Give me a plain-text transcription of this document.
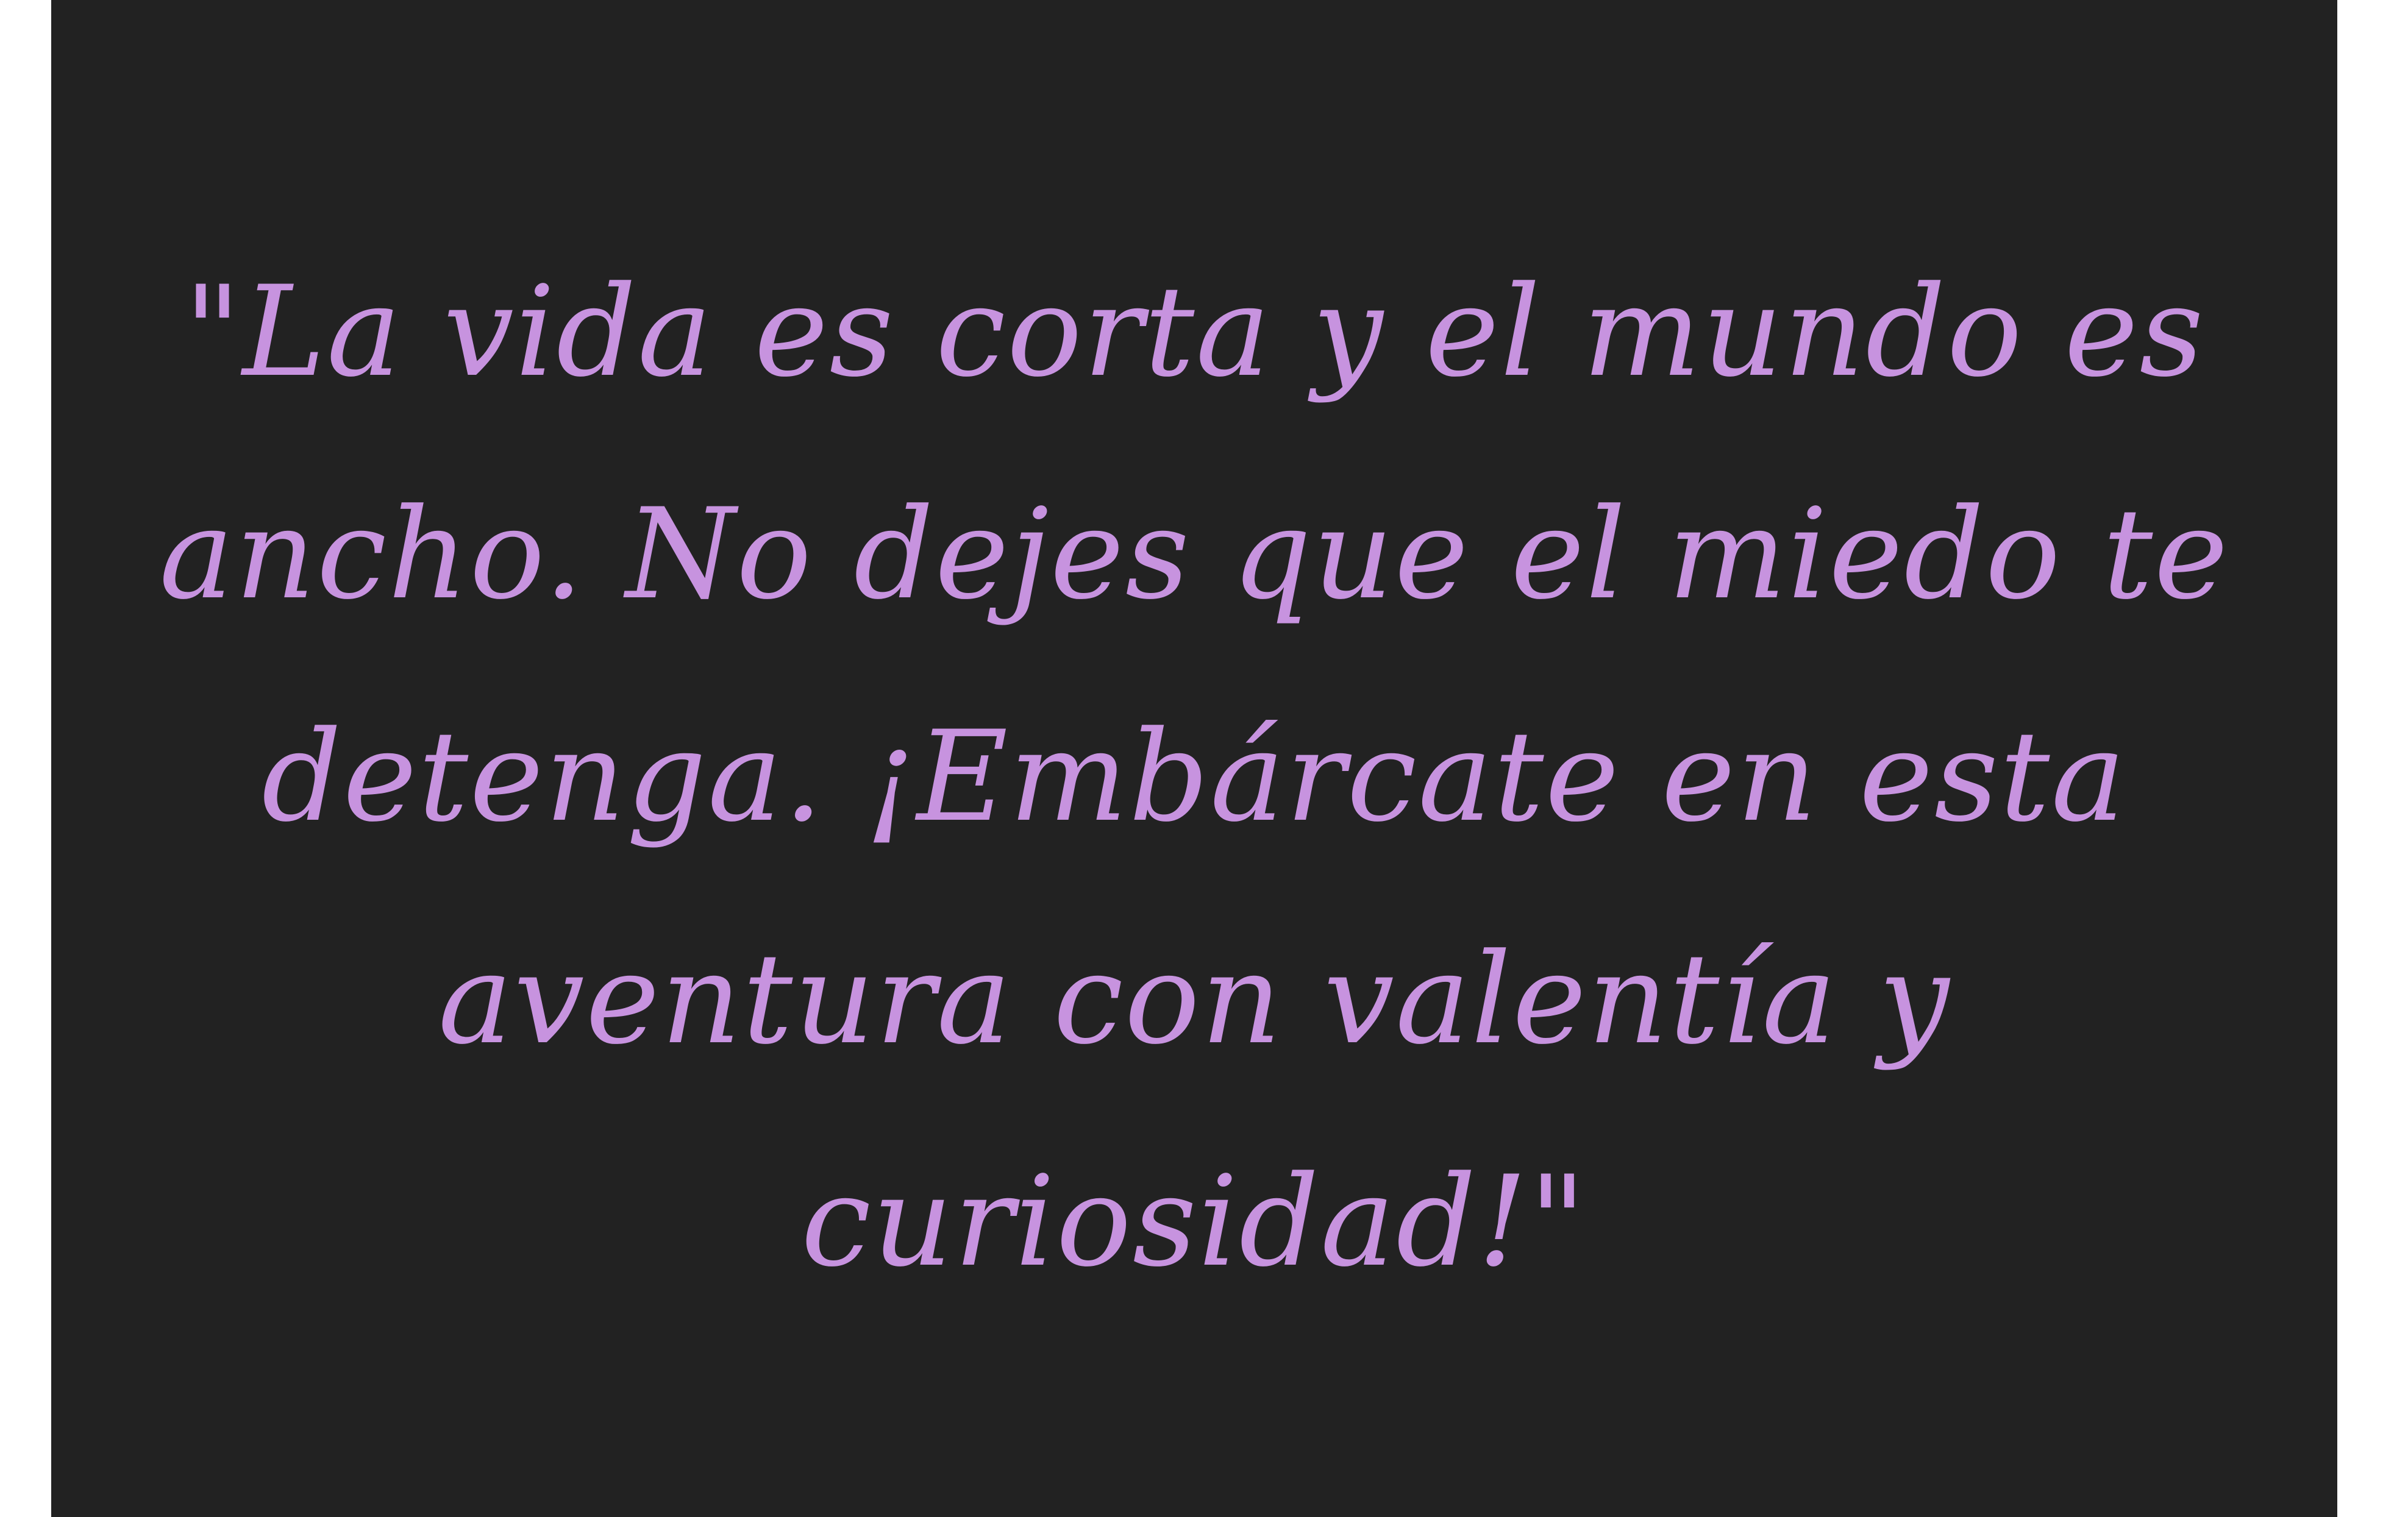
"La vida es corta y el mundo es ancho. No dejes que el miedo te detenga. ¡Embárcate en esta aventura con valentía y curiosidad!"
